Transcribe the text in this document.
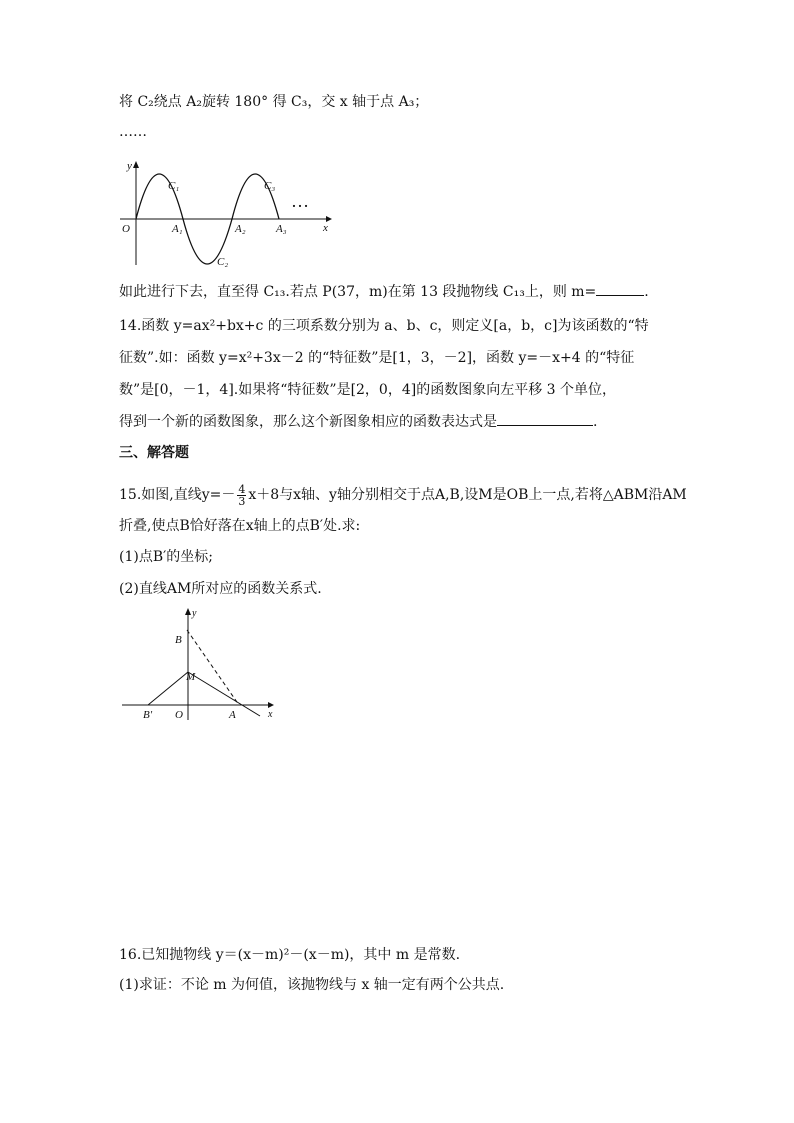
将 C₂绕点 A₂旋转 180° 得 C₃，交 x 轴于点 A₃；
……
y
x
O
C₁
C₂
C₃
A₁	A₂	A₃
…
如此进行下去，直至得 C₁₃.若点 P(37，m)在第 13 段抛物线 C₁₃上，则 m=	.
14.函数 y=ax²+bx+c 的三项系数分别为 a、b、c，则定义[a，b，c]为该函数的“特
征数”.如：函数 y=x²+3x－2 的“特征数”是[1，3，－2]，函数 y=－x+4 的“特征
数”是[0，－1，4].如果将“特征数”是[2，0，4]的函数图象向左平移 3 个单位，
得到一个新的函数图象，那么这个新图象相应的函数表达式是	.
三、解答题
15.如图,直线$y=- \frac{4}{3} x+8$与x轴、y轴分别相交于点A,B,设M是OB上一点,若将△ABM沿AM
折叠,使点B恰好落在x轴上的点B′处.求:
(1)点B′的坐标;
(2)直线AM所对应的函数关系式.
y
x
O
B
M
B′	A
16.已知抛物线 y＝(x－m)²－(x－m)，其中 m 是常数.
(1)求证：不论 m 为何值，该抛物线与 x 轴一定有两个公共点.
